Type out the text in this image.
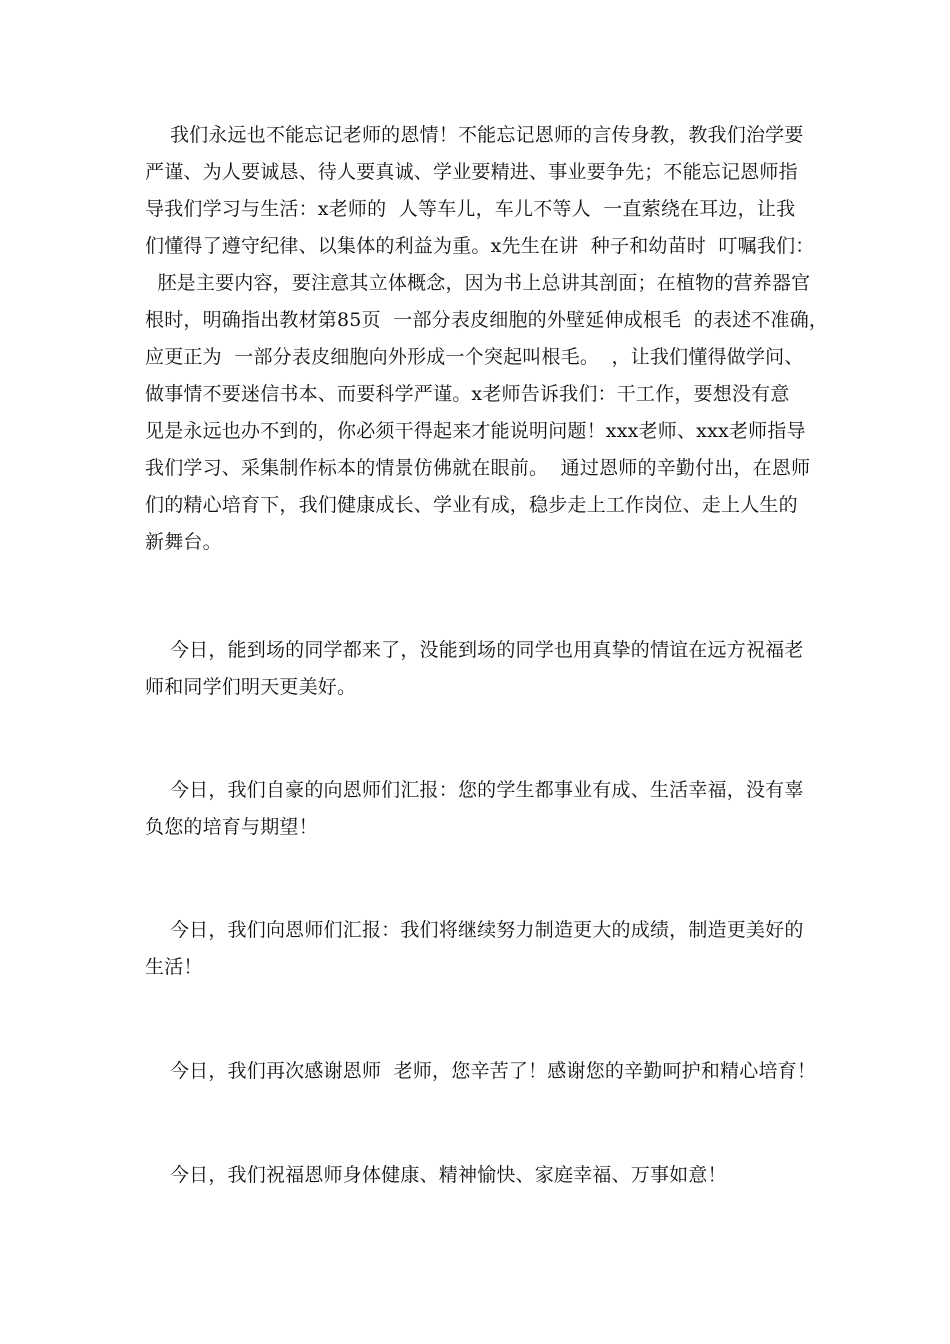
我们永远也不能忘记老师的恩情！不能忘记恩师的言传身教，教我们治学要
严谨、为人要诚恳、待人要真诚、学业要精进、事业要争先；不能忘记恩师指
导我们学习与生活：x老师的  人等车儿，车儿不等人  一直萦绕在耳边，让我
们懂得了遵守纪律、以集体的利益为重。x先生在讲  种子和幼苗时  叮嘱我们：
胚是主要内容，要注意其立体概念，因为书上总讲其剖面；在植物的营养器官
根时，明确指出教材第85页  一部分表皮细胞的外壁延伸成根毛  的表述不准确，
应更正为  一部分表皮细胞向外形成一个突起叫根毛。  ，让我们懂得做学问、
做事情不要迷信书本、而要科学严谨。x老师告诉我们：干工作，要想没有意
见是永远也办不到的，你必须干得起来才能说明问题！xxx老师、xxx老师指导
我们学习、采集制作标本的情景仿佛就在眼前。  通过恩师的辛勤付出，在恩师
们的精心培育下，我们健康成长、学业有成，稳步走上工作岗位、走上人生的
新舞台。
今日，能到场的同学都来了，没能到场的同学也用真挚的情谊在远方祝福老
师和同学们明天更美好。
今日，我们自豪的向恩师们汇报：您的学生都事业有成、生活幸福，没有辜
负您的培育与期望！
今日，我们向恩师们汇报：我们将继续努力制造更大的成绩，制造更美好的
生活！
今日，我们再次感谢恩师  老师，您辛苦了！感谢您的辛勤呵护和精心培育！
今日，我们祝福恩师身体健康、精神愉快、家庭幸福、万事如意！
